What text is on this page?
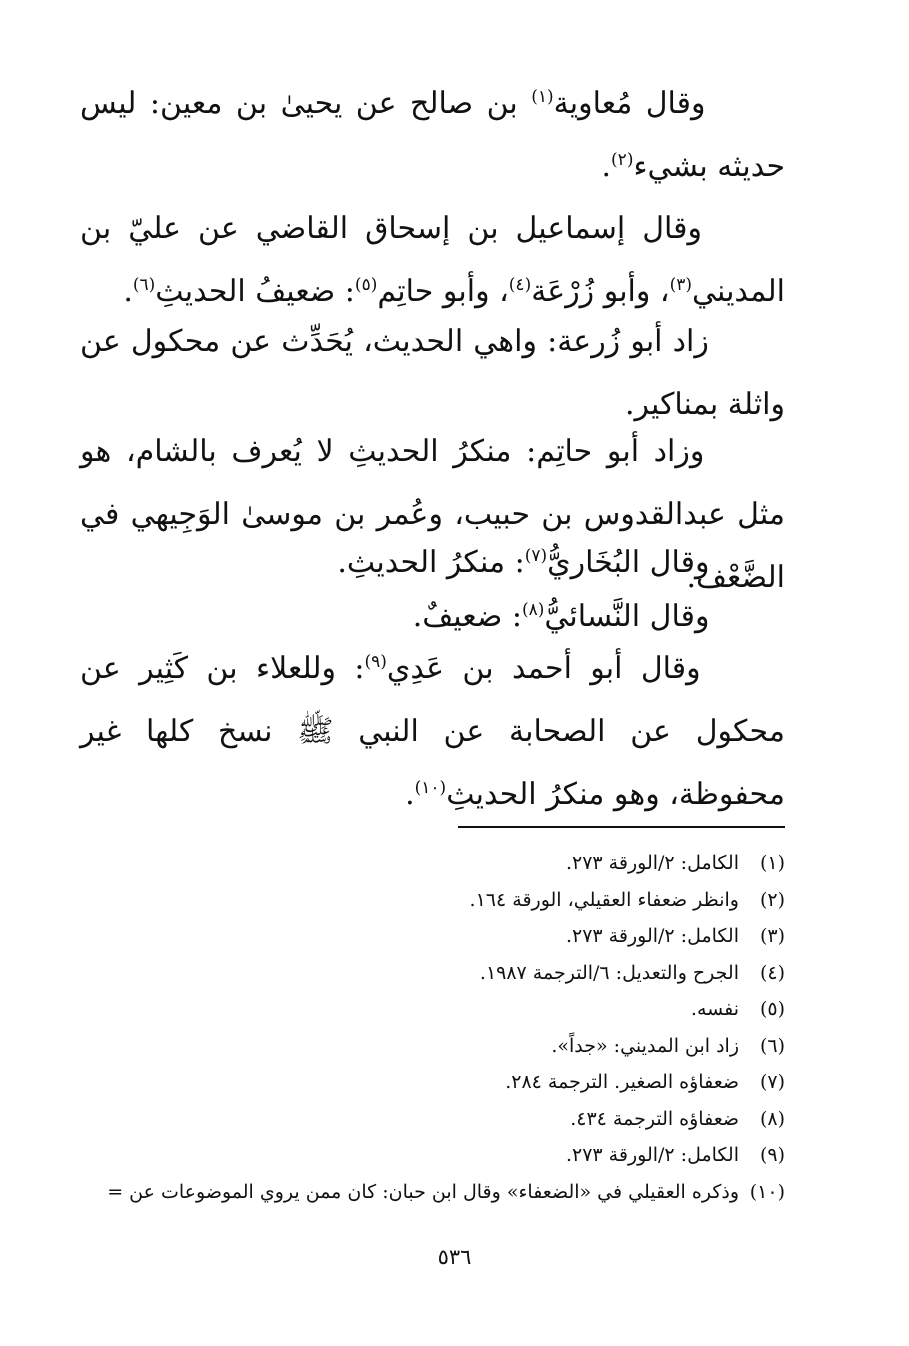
وقال مُعاوية$^{(١)}$ بن صالح عن يحيىٰ بن معين: ليس حديثه بشيء$^{(٢)}$.

وقال إسماعيل بن إسحاق القاضي عن عليّ بن المديني$^{(٣)}$، وأبو زُرْعَة$^{(٤)}$، وأبو حاتِم$^{(٥)}$: ضعيفُ الحديثِ$^{(٦)}$.

زاد أبو زُرعة: واهي الحديث، يُحَدِّث عن محكول عن واثلة بمناكير.

وزاد أبو حاتِم: منكرُ الحديثِ لا يُعرف بالشام، هو مثل عبدالقدوس بن حبيب، وعُمر بن موسىٰ الوَجِيهي في الضَّعْف.

وقال البُخَاريُّ$^{(٧)}$: منكرُ الحديثِ.

وقال النَّسائيُّ$^{(٨)}$: ضعيفٌ.

وقال أبو أحمد بن عَدِي$^{(٩)}$: وللعلاء بن كَثِير عن محكول عن الصحابة عن النبي ﷺ نسخ كلها غير محفوظة، وهو منكرُ الحديثِ$^{(١٠)}$.

(١)الكامل: ٢/الورقة ٢٧٣.
(٢)وانظر ضعفاء العقيلي، الورقة ١٦٤.
(٣)الكامل: ٢/الورقة ٢٧٣.
(٤)الجرح والتعديل: ٦/الترجمة ١٩٨٧.
(٥)نفسه.
(٦)زاد ابن المديني: «جداً».
(٧)ضعفاؤه الصغير. الترجمة ٢٨٤.
(٨)ضعفاؤه الترجمة ٤٣٤.
(٩)الكامل: ٢/الورقة ٢٧٣.
(١٠)وذكره العقيلي في «الضعفاء» وقال ابن حبان: كان ممن يروي الموضوعات عن =
٥٣٦
